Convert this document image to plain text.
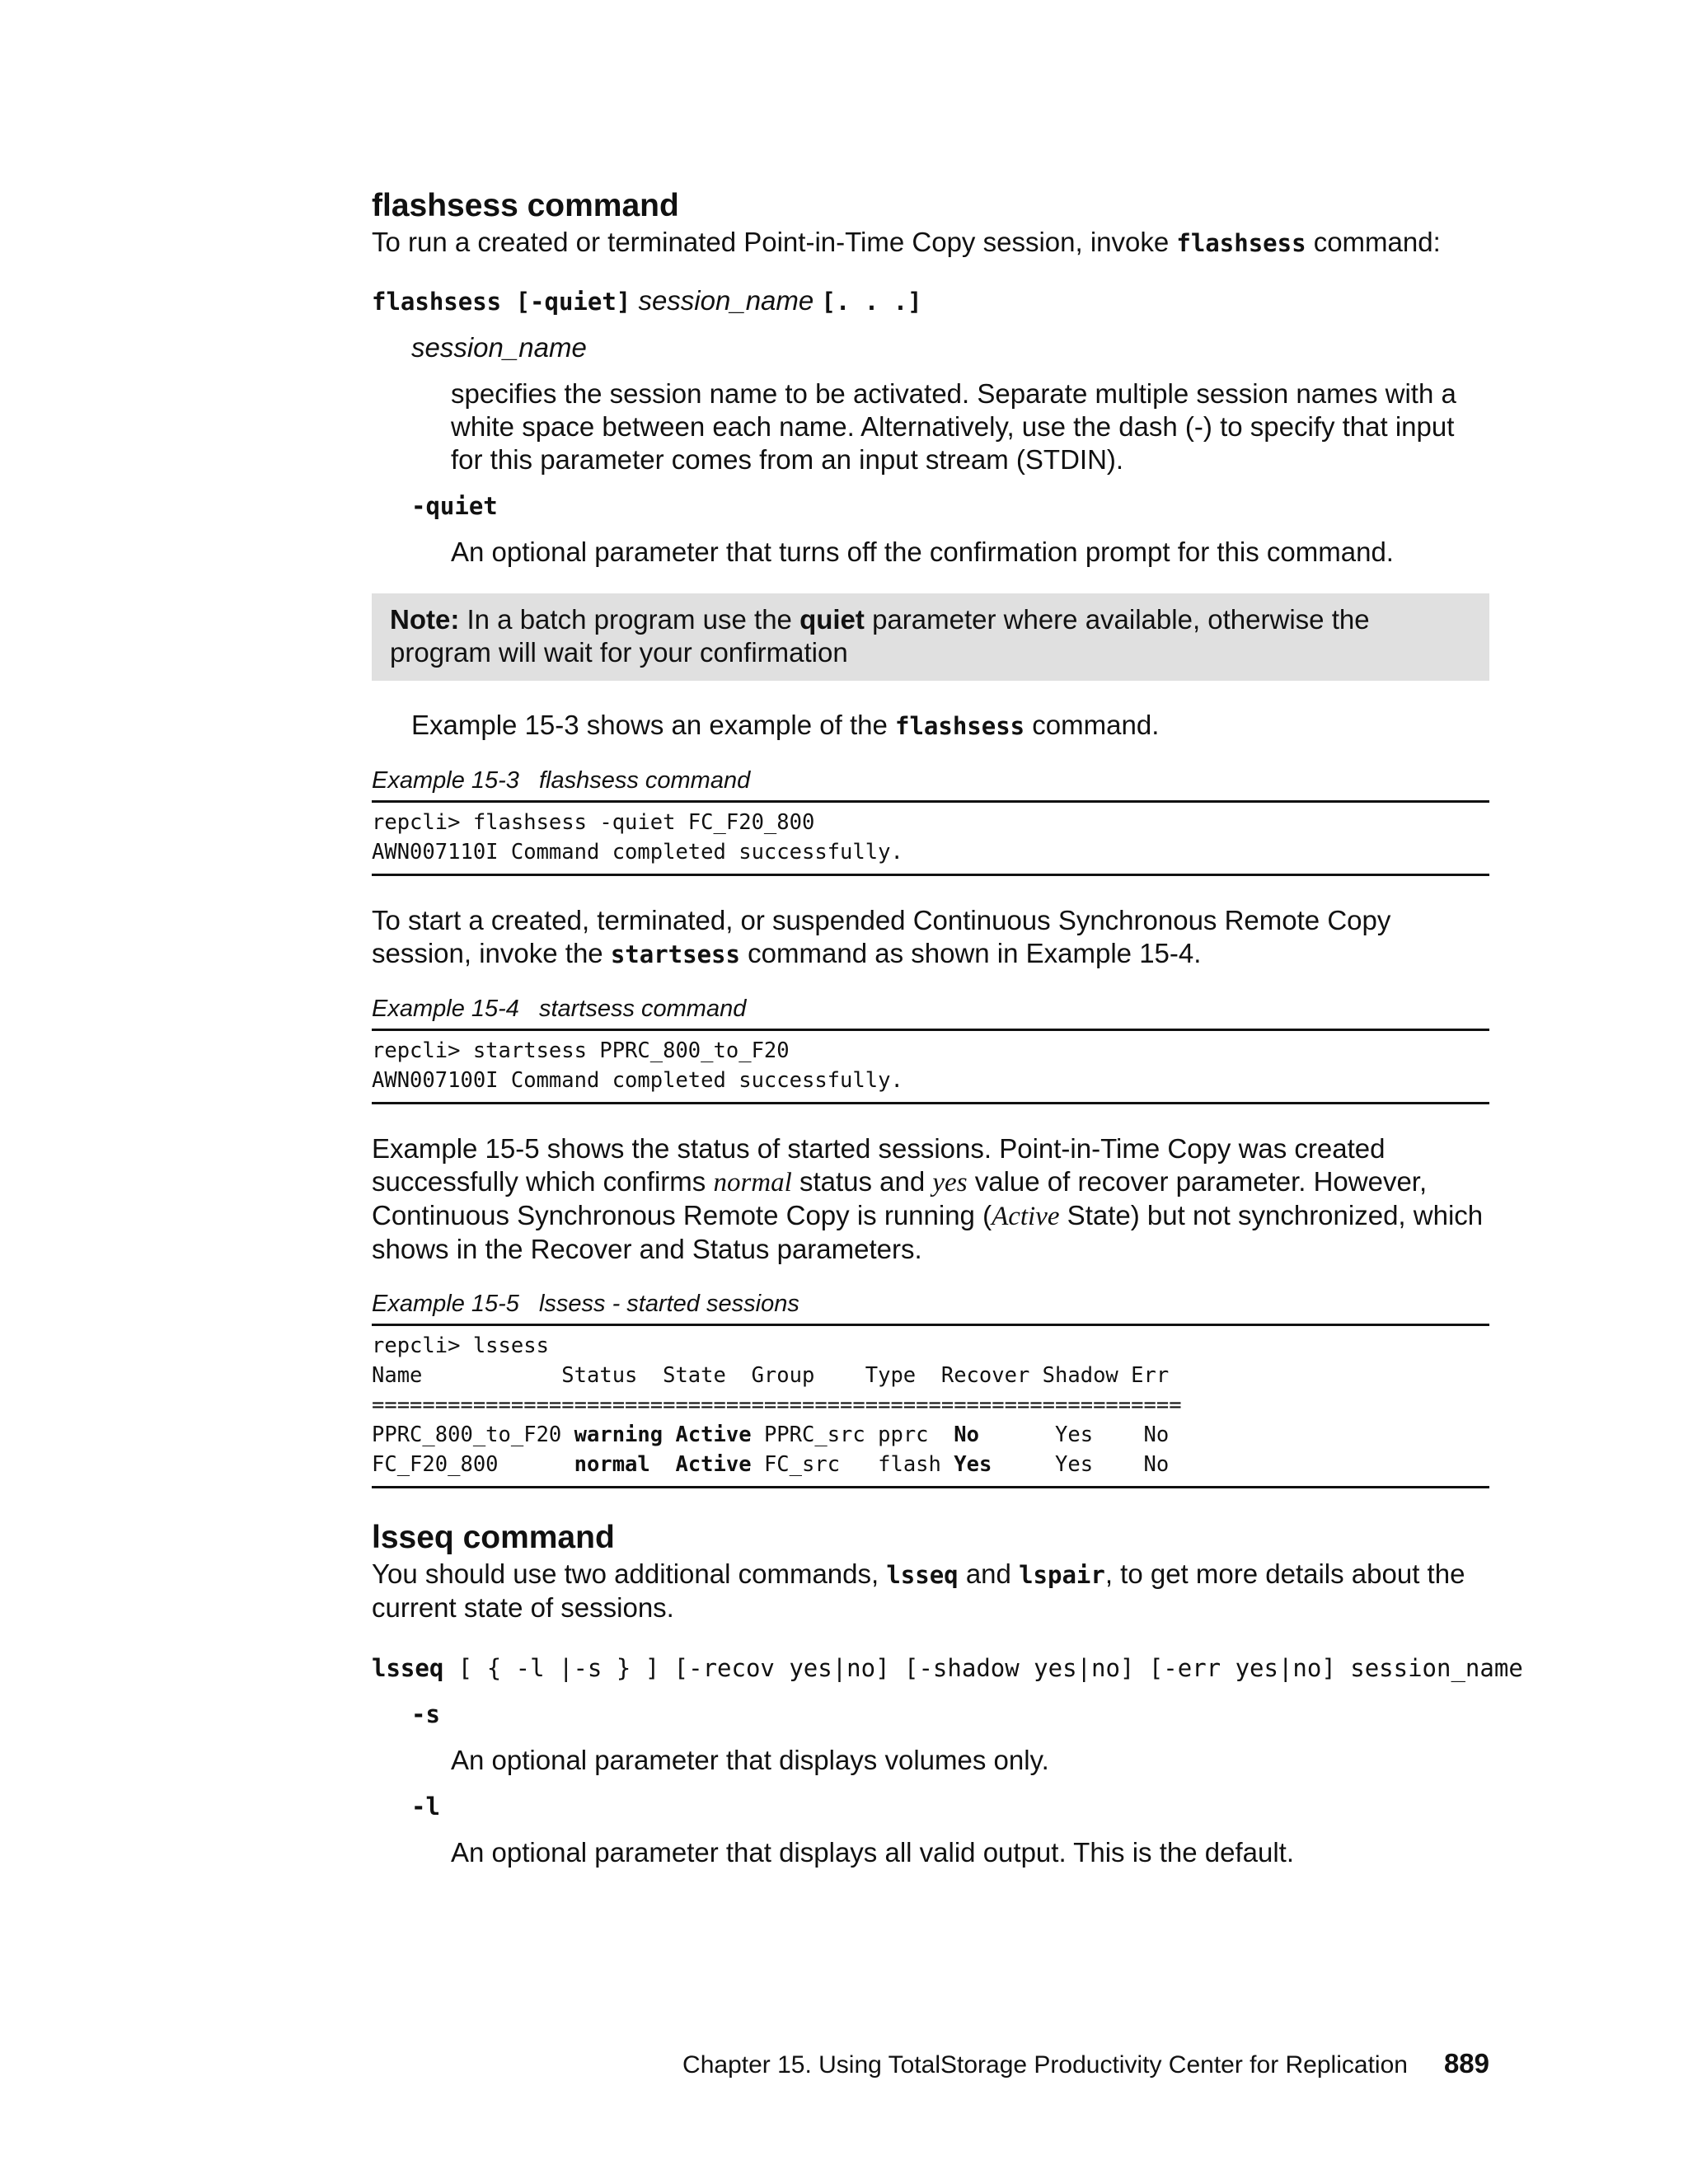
flashsess command

To run a created or terminated Point-in-Time Copy session, invoke flashsess command:

flashsess [-quiet] session_name [. . .]

session_name

specifies the session name to be activated. Separate multiple session names with a white space between each name. Alternatively, use the dash (-) to specify that input for this parameter comes from an input stream (STDIN).

-quiet

An optional parameter that turns off the confirmation prompt for this command.

Note: In a batch program use the quiet parameter where available, otherwise the program will wait for your confirmation

Example 15-3 shows an example of the flashsess command.

Example 15-3 flashsess command

repcli> flashsess -quiet FC_F20_800
AWN007110I Command completed successfully.

To start a created, terminated, or suspended Continuous Synchronous Remote Copy session, invoke the startsess command as shown in Example 15-4.

Example 15-4 startsess command

repcli> startsess PPRC_800_to_F20
AWN007100I Command completed successfully.

Example 15-5 shows the status of started sessions. Point-in-Time Copy was created successfully which confirms normal status and yes value of recover parameter. However, Continuous Synchronous Remote Copy is running (Active State) but not synchronized, which shows in the Recover and Status parameters.

Example 15-5 lssess - started sessions

repcli> lssess
Name           Status  State  Group    Type  Recover Shadow Err
================================================================
PPRC_800_to_F20 warning Active PPRC_src pprc  No      Yes    No
FC_F20_800      normal  Active FC_src   flash Yes     Yes    No
lsseq command

You should use two additional commands, lsseq and lspair, to get more details about the current state of sessions.

lsseq [ { -l |-s } ] [-recov yes|no] [-shadow yes|no] [-err yes|no] session_name

-s

An optional parameter that displays volumes only.

-l

An optional parameter that displays all valid output. This is the default.

Chapter 15. Using TotalStorage Productivity Center for Replication 889
